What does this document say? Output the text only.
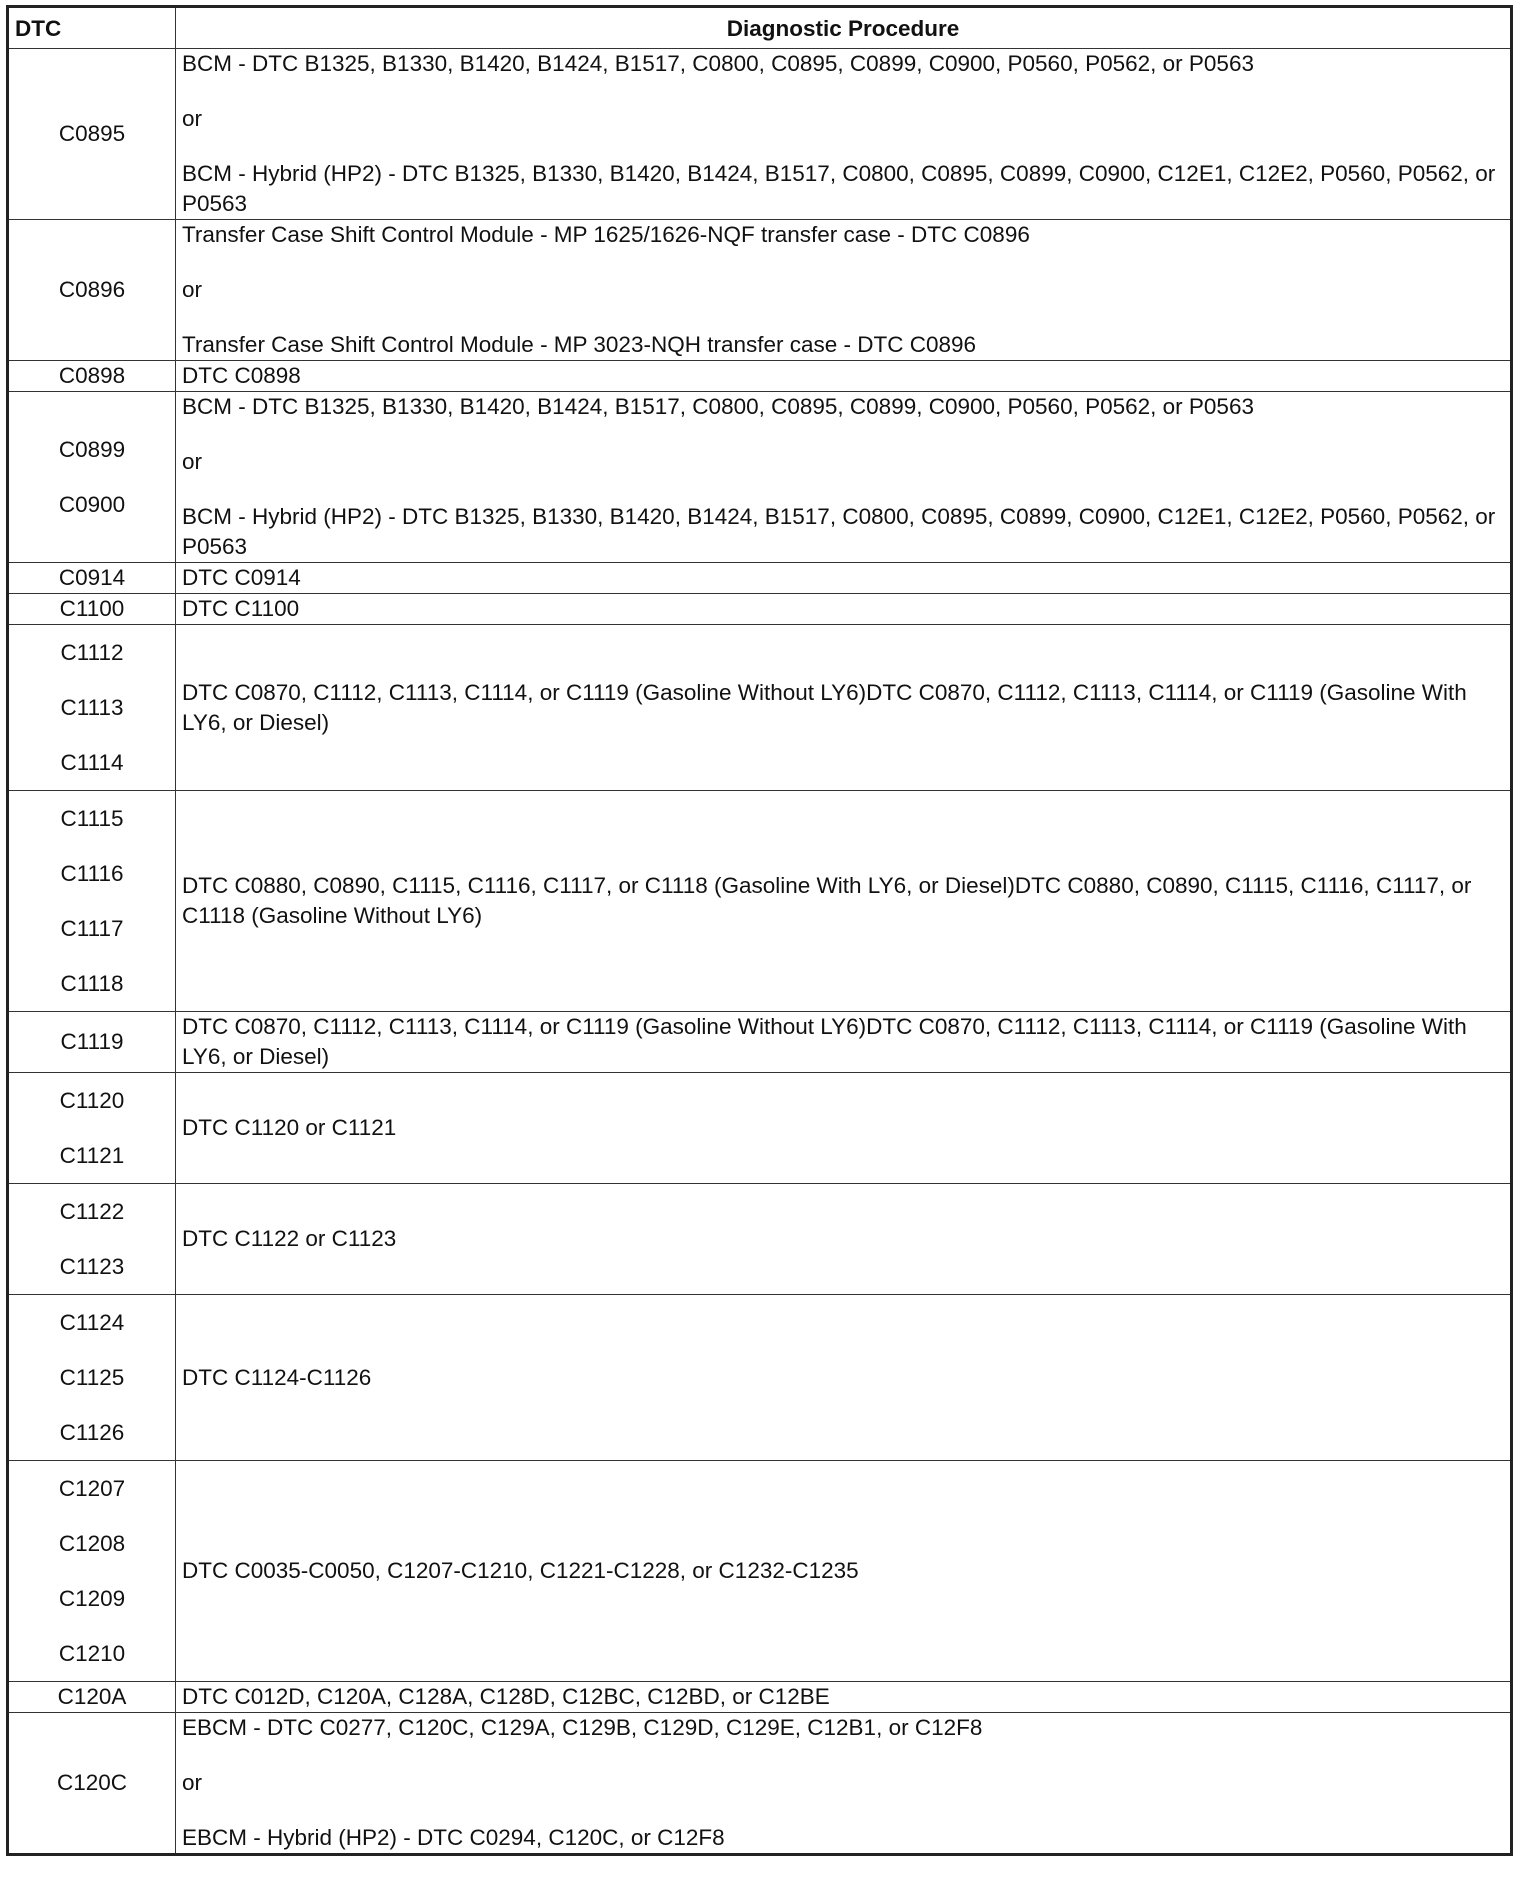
DTC	Diagnostic Procedure

C0895	BCM - DTC B1325, B1330, B1420, B1424, B1517, C0800, C0895, C0899, C0900, P0560, P0562, or P0563
or
BCM - Hybrid (HP2) - DTC B1325, B1330, B1420, B1424, B1517, C0800, C0895, C0899, C0900, C12E1, C12E2, P0560, P0562, or P0563

C0896	Transfer Case Shift Control Module - MP 1625/1626-NQF transfer case - DTC C0896
or
Transfer Case Shift Control Module - MP 3023-NQH transfer case - DTC C0896

C0898	DTC C0898

C0899
C0900	BCM - DTC B1325, B1330, B1420, B1424, B1517, C0800, C0895, C0899, C0900, P0560, P0562, or P0563
or
BCM - Hybrid (HP2) - DTC B1325, B1330, B1420, B1424, B1517, C0800, C0895, C0899, C0900, C12E1, C12E2, P0560, P0562, or P0563

C0914	DTC C0914

C1100	DTC C1100

C1112
C1113
C1114	DTC C0870, C1112, C1113, C1114, or C1119 (Gasoline Without LY6)DTC C0870, C1112, C1113, C1114, or C1119 (Gasoline With LY6, or Diesel)

C1115
C1116
C1117
C1118	DTC C0880, C0890, C1115, C1116, C1117, or C1118 (Gasoline With LY6, or Diesel)DTC C0880, C0890, C1115, C1116, C1117, or C1118 (Gasoline Without LY6)

C1119	DTC C0870, C1112, C1113, C1114, or C1119 (Gasoline Without LY6)DTC C0870, C1112, C1113, C1114, or C1119 (Gasoline With LY6, or Diesel)

C1120
C1121	DTC C1120 or C1121

C1122
C1123	DTC C1122 or C1123

C1124
C1125
C1126	DTC C1124-C1126

C1207
C1208
C1209
C1210	DTC C0035-C0050, C1207-C1210, C1221-C1228, or C1232-C1235

C120A	DTC C012D, C120A, C128A, C128D, C12BC, C12BD, or C12BE

C120C	EBCM - DTC C0277, C120C, C129A, C129B, C129D, C129E, C12B1, or C12F8
or
EBCM - Hybrid (HP2) - DTC C0294, C120C, or C12F8
